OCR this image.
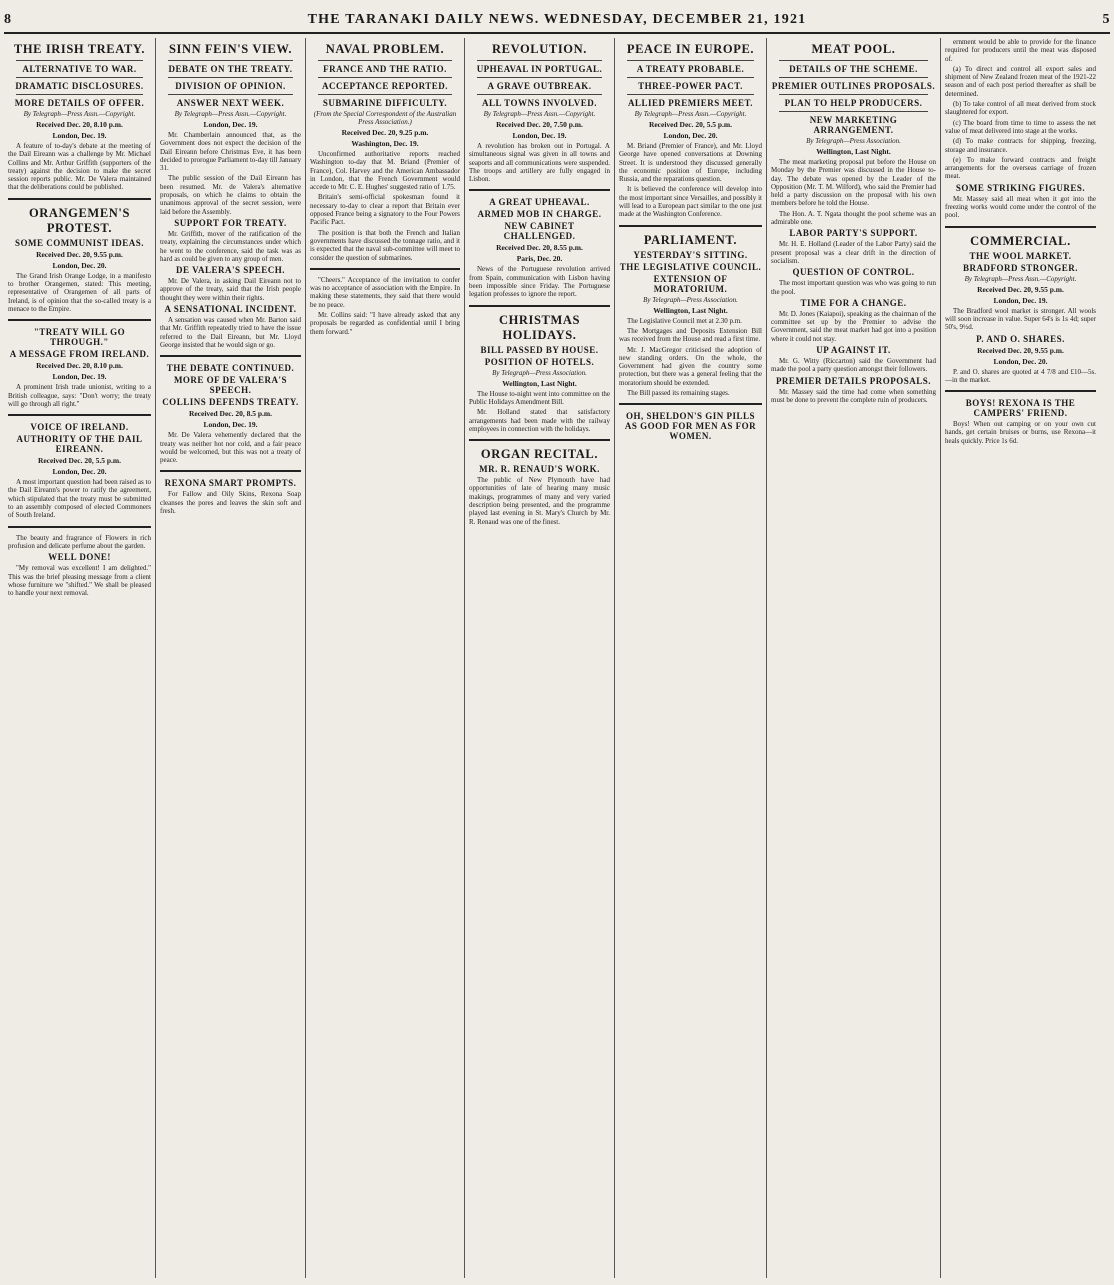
8	THE TARANAKI DAILY NEWS. WEDNESDAY, DECEMBER 21, 1921	5
THE IRISH TREATY.
ALTERNATIVE TO WAR.
DRAMATIC DISCLOSURES.
MORE DETAILS OF OFFER.
By Telegraph—Press Assn.—Copyright.
Received Dec. 20, 8.10 p.m.
London, Dec. 19.

A feature of to-day's debate at the meeting of the Dail Eireann was a challenge by Mr. Michael Collins and Mr. Arthur Griffith (supporters of the treaty) against the decision to make the secret session reports public. Mr. De Valera maintained that the deliberations could be published.

ORANGEMEN'S PROTEST.
SOME COMMUNIST IDEAS.
Received Dec. 20, 9.55 p.m.
London, Dec. 20.

The Grand Irish Orange Lodge, in a manifesto to brother Orangemen, stated: This meeting, representative of Orangemen of all parts of Ireland, is of opinion that the so-called treaty is a menace to the Empire.

"TREATY WILL GO THROUGH."
A MESSAGE FROM IRELAND.
Received Dec. 20, 8.10 p.m.
London, Dec. 19.

A prominent Irish trade unionist, writing to a British colleague, says: "Don't worry; the treaty will go through all right."

VOICE OF IRELAND.
AUTHORITY OF THE DAIL EIREANN.
Received Dec. 20, 5.5 p.m.
London, Dec. 20.

A most important question had been raised as to the Dail Eireann's power to ratify the agreement, which stipulated that the treaty must be submitted to an assembly composed of elected Commoners of South Ireland.

The beauty and fragrance of Flowers in rich profusion and delicate perfume about the garden.

WELL DONE!

"My removal was excellent! I am delighted." This was the brief pleasing message from a client whose furniture we "shifted." We shall be pleased to handle your next removal.

SINN FEIN'S VIEW.
DEBATE ON THE TREATY.
DIVISION OF OPINION.
ANSWER NEXT WEEK.
By Telegraph—Press Assn.—Copyright.
London, Dec. 19.

Mr. Chamberlain announced that, as the Government does not expect the decision of the Dail Eireann before Christmas Eve, it has been decided to prorogue Parliament to-day till January 31.

The public session of the Dail Eireann has been resumed. Mr. de Valera's alternative proposals, on which he claims to obtain the unanimous approval of the secret session, were laid before the Assembly.

SUPPORT FOR TREATY.

Mr. Griffith, mover of the ratification of the treaty, explaining the circumstances under which he went to the conference, said the task was as hard as could be given to any group of men.

DE VALERA'S SPEECH.

Mr. De Valera, in asking Dail Eireann not to approve of the treaty, said that the Irish people thought they were within their rights.

A SENSATIONAL INCIDENT.

A sensation was caused when Mr. Barton said that Mr. Griffith repeatedly tried to have the issue referred to the Dail Eireann, but Mr. Lloyd George insisted that he would sign or go.

THE DEBATE CONTINUED.
MORE OF DE VALERA'S SPEECH.
COLLINS DEFENDS TREATY.
Received Dec. 20, 8.5 p.m.
London, Dec. 19.

Mr. De Valera vehemently declared that the treaty was neither hot nor cold, and a fair peace would be welcomed, but this was not a treaty of peace.

REXONA SMART PROMPTS.

For Fallow and Oily Skins, Rexona Soap cleanses the pores and leaves the skin soft and fresh.

NAVAL PROBLEM.
FRANCE AND THE RATIO.
ACCEPTANCE REPORTED.
SUBMARINE DIFFICULTY.
(From the Special Correspondent of the Australian Press Association.)
Received Dec. 20, 9.25 p.m.
Washington, Dec. 19.

Unconfirmed authoritative reports reached Washington to-day that M. Briand (Premier of France), Col. Harvey and the American Ambassador in London, that the French Government would accede to Mr. C. E. Hughes' suggested ratio of 1.75.

Britain's semi-official spokesman found it necessary to-day to clear a report that Britain ever opposed France being a signatory to the Four Powers Pacific Pact.

The position is that both the French and Italian governments have discussed the tonnage ratio, and it is expected that the naval sub-committee will meet to consider the question of submarines.

"Cheers." Acceptance of the invitation to confer was no acceptance of association with the Empire. In making these statements, they said that there would be no peace.

Mr. Collins said: "I have already asked that any proposals be regarded as confidential until I bring them forward."

REVOLUTION.
UPHEAVAL IN PORTUGAL.
A GRAVE OUTBREAK.
ALL TOWNS INVOLVED.
By Telegraph—Press Assn.—Copyright.
Received Dec. 20, 7.50 p.m.
London, Dec. 19.

A revolution has broken out in Portugal. A simultaneous signal was given in all towns and seaports and all communications were suspended. The troops and artillery are fully engaged in Lisbon.

A GREAT UPHEAVAL.
ARMED MOB IN CHARGE.
NEW CABINET CHALLENGED.
Received Dec. 20, 8.55 p.m.
Paris, Dec. 20.

News of the Portuguese revolution arrived from Spain, communication with Lisbon having been impossible since Friday. The Portuguese legation professes to ignore the report.

CHRISTMAS HOLIDAYS.
BILL PASSED BY HOUSE.
POSITION OF HOTELS.
By Telegraph—Press Association.
Wellington, Last Night.

The House to-night went into committee on the Public Holidays Amendment Bill.

Mr. Holland stated that satisfactory arrangements had been made with the railway employees in connection with the holidays.

ORGAN RECITAL.
MR. R. RENAUD'S WORK.

The public of New Plymouth have had opportunities of late of hearing many music makings, programmes of many and very varied description being presented, and the programme played last evening in St. Mary's Church by Mr. R. Renaud was one of the finest.

PEACE IN EUROPE.
A TREATY PROBABLE.
THREE-POWER PACT.
ALLIED PREMIERS MEET.
By Telegraph—Press Assn.—Copyright.
Received Dec. 20, 5.5 p.m.
London, Dec. 20.

M. Briand (Premier of France), and Mr. Lloyd George have opened conversations at Downing Street. It is understood they discussed generally the economic position of Europe, including Russia, and the reparations question.

It is believed the conference will develop into the most important since Versailles, and possibly it will lead to a European pact similar to the one just made at the Washington Conference.

PARLIAMENT.
YESTERDAY'S SITTING.
THE LEGISLATIVE COUNCIL.
EXTENSION OF MORATORIUM.
By Telegraph—Press Association.
Wellington, Last Night.

The Legislative Council met at 2.30 p.m.

The Mortgages and Deposits Extension Bill was received from the House and read a first time.

Mr. J. MacGregor criticised the adoption of new standing orders. On the whole, the Government had given the country some protection, but there was a general feeling that the moratorium should be extended.

The Bill passed its remaining stages.

OH, SHELDON'S GIN PILLS AS GOOD FOR MEN AS FOR WOMEN.
MEAT POOL.
DETAILS OF THE SCHEME.
PREMIER OUTLINES PROPOSALS.
PLAN TO HELP PRODUCERS.
NEW MARKETING ARRANGEMENT.
By Telegraph—Press Association.
Wellington, Last Night.

The meat marketing proposal put before the House on Monday by the Premier was discussed in the House to-day. The debate was opened by the Leader of the Opposition (Mr. T. M. Wilford), who said the Premier had held a party discussion on the proposal with his own members before he told the House.

The Hon. A. T. Ngata thought the pool scheme was an admirable one.

LABOR PARTY'S SUPPORT.

Mr. H. E. Holland (Leader of the Labor Party) said the present proposal was a clear drift in the direction of socialism.

QUESTION OF CONTROL.

The most important question was who was going to run the pool.

TIME FOR A CHANGE.

Mr. D. Jones (Kaiapoi), speaking as the chairman of the committee set up by the Premier to advise the Government, said the meat market had got into a position where it could not stay.

UP AGAINST IT.

Mr. G. Witty (Riccarton) said the Government had made the pool a party question amongst their followers.

PREMIER DETAILS PROPOSALS.

Mr. Massey said the time had come when something must be done to prevent the complete ruin of producers.

ernment would be able to provide for the finance required for producers until the meat was disposed of.

(a) To direct and control all export sales and shipment of New Zealand frozen meat of the 1921-22 season and of each post period thereafter as shall be determined.

(b) To take control of all meat derived from stock slaughtered for export.

(c) The board from time to time to assess the net value of meat delivered into stage at the works.

(d) To make contracts for shipping, freezing, storage and insurance.

(e) To make forward contracts and freight arrangements for the overseas carriage of frozen meat.

SOME STRIKING FIGURES.

Mr. Massey said all meat when it got into the freezing works would come under the control of the pool.

COMMERCIAL.
THE WOOL MARKET.
BRADFORD STRONGER.
By Telegraph—Press Assn.—Copyright.
Received Dec. 20, 9.55 p.m.
London, Dec. 19.

The Bradford wool market is stronger. All wools will soon increase in value. Super 64's is 1s 4d; super 50's, 9½d.

P. AND O. SHARES.
Received Dec. 20, 9.55 p.m.
London, Dec. 20.

P. and O. shares are quoted at 4 7/8 and £10—5s.—in the market.

BOYS! REXONA IS THE CAMPERS' FRIEND.

Boys! When out camping or on your own cut hands, get certain bruises or burns, use Rexona—it heals quickly. Price 1s 6d.
